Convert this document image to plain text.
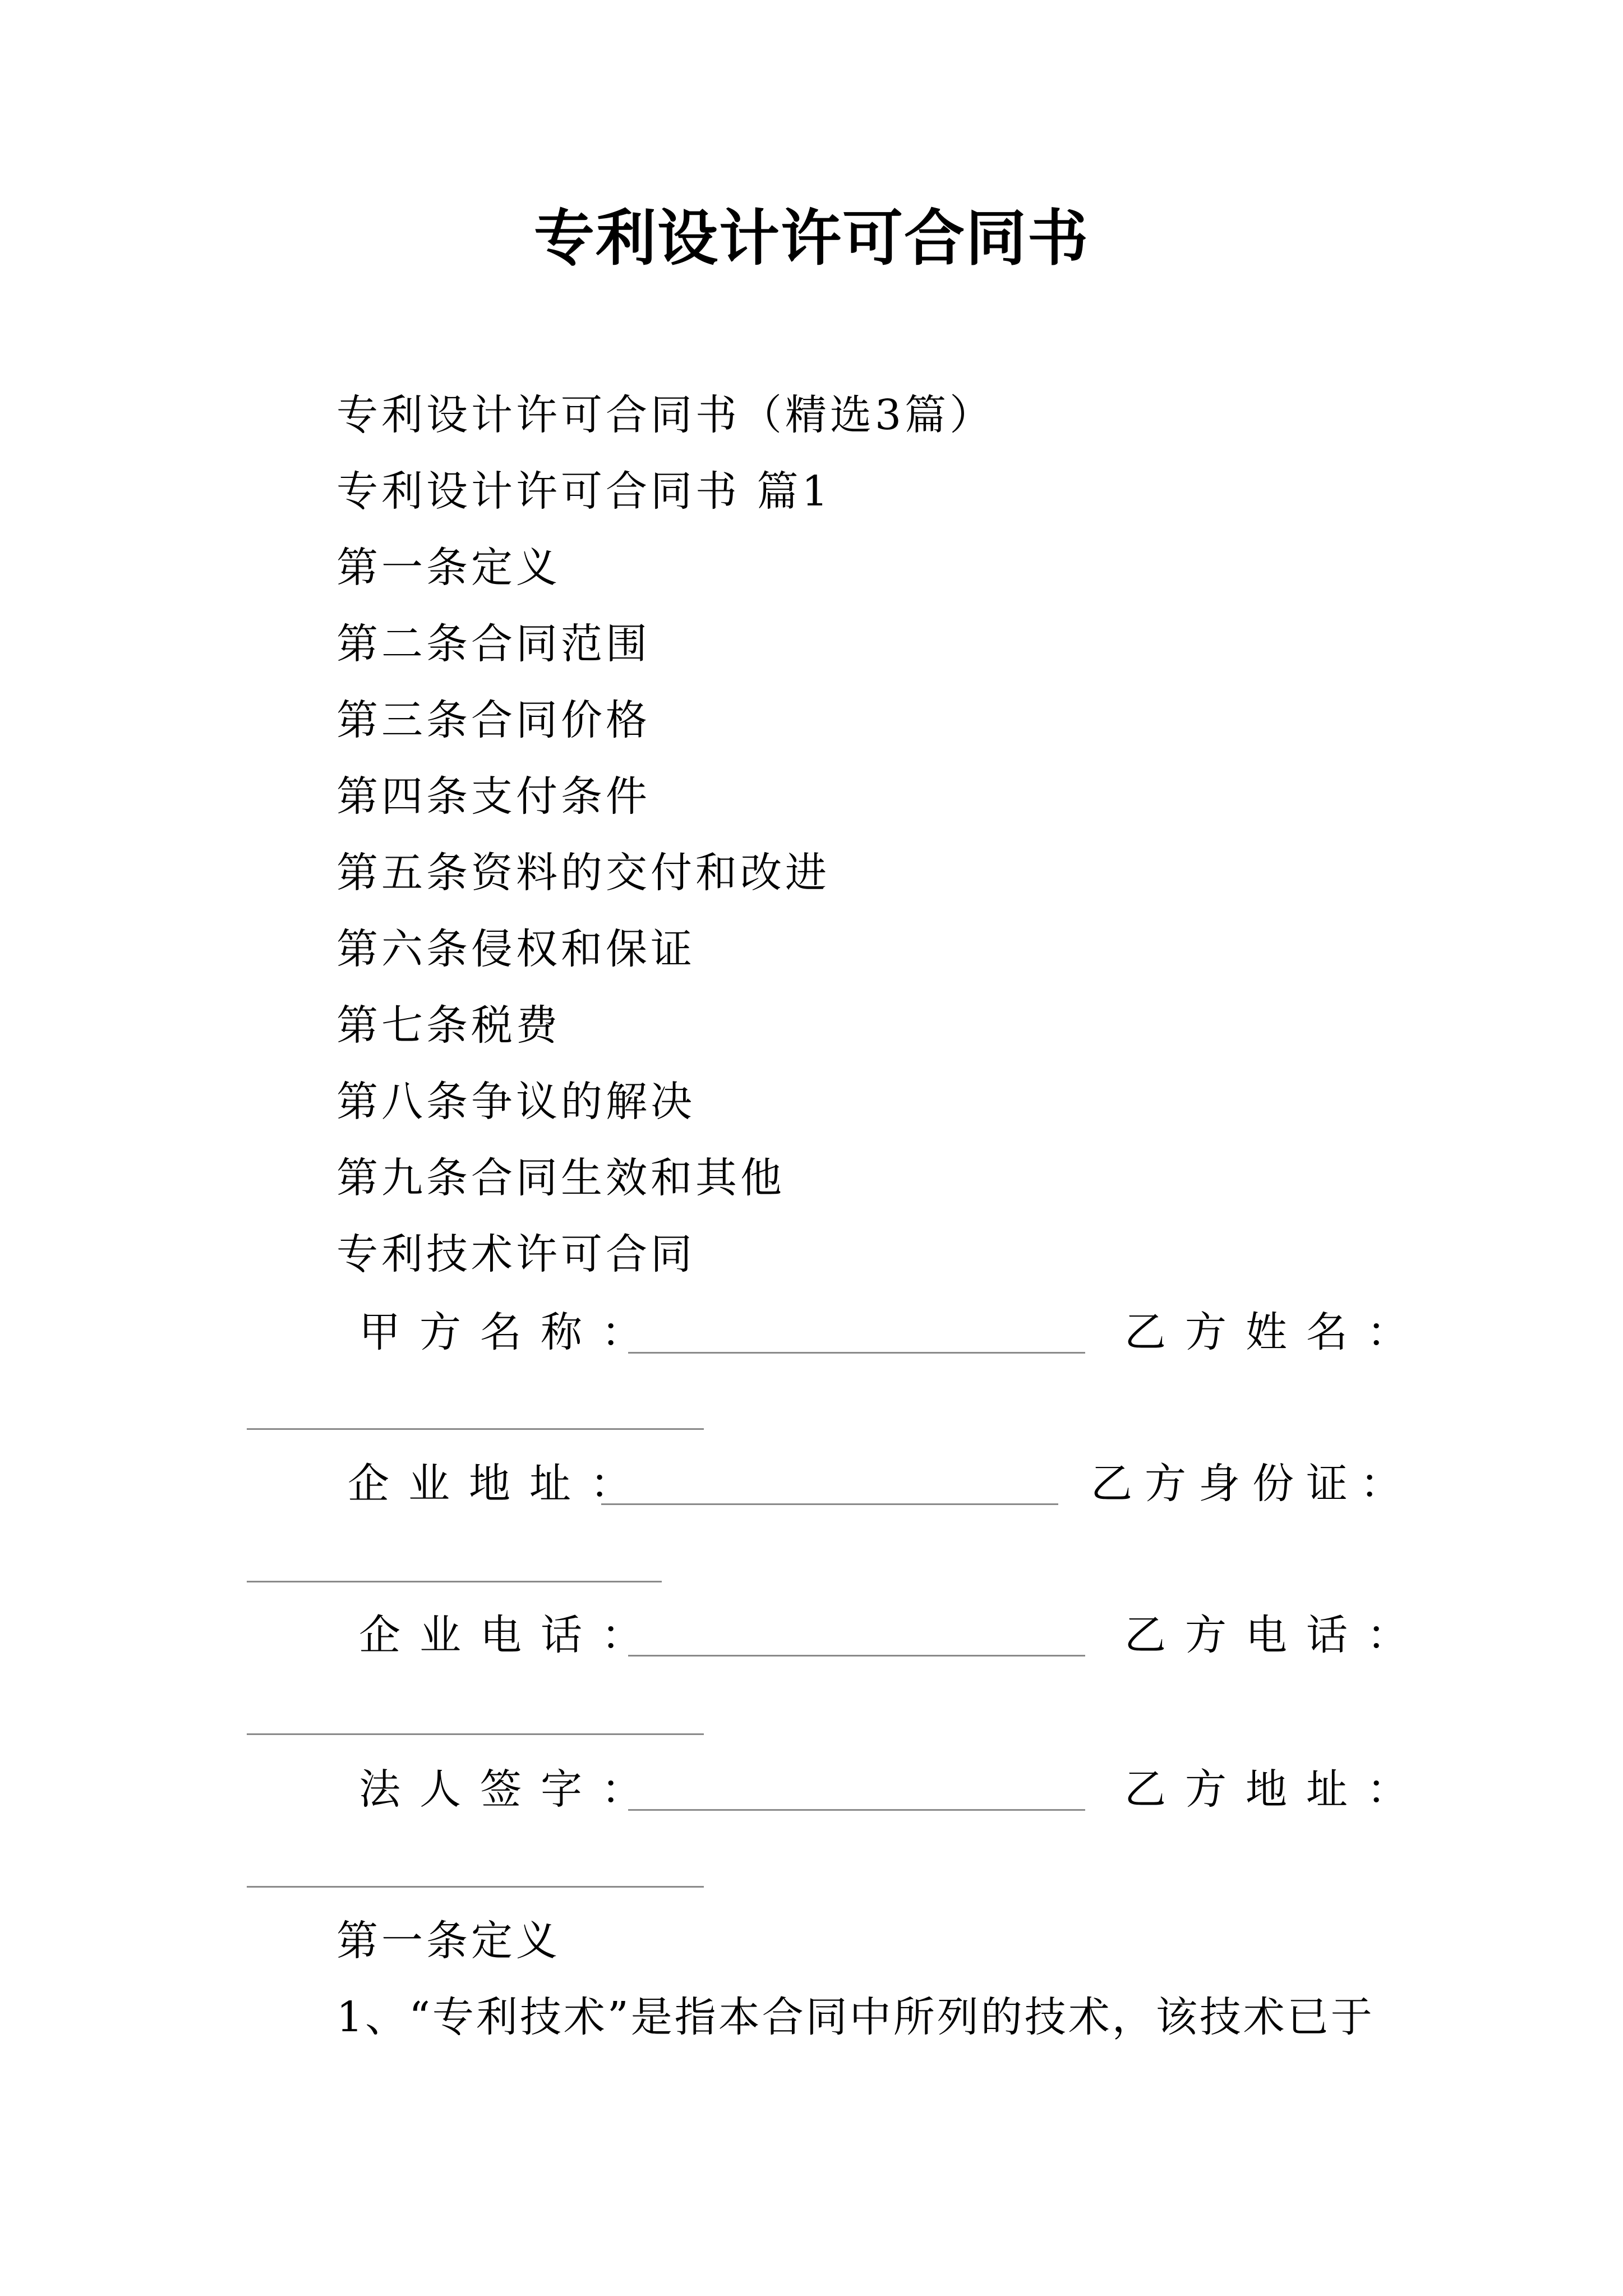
专利设计许可合同书
专利设计许可合同书（精选3篇）
专利设计许可合同书 篇1
第一条定义
第二条合同范围
第三条合同价格
第四条支付条件
第五条资料的交付和改进
第六条侵权和保证
第七条税费
第八条争议的解决
第九条合同生效和其他
专利技术许可合同
甲方名称：	乙方姓名：
企业地址：	乙方身份证：
企业电话：	乙方电话：
法人签字：	乙方地址：
第一条定义
1、“专利技术”是指本合同中所列的技术，该技术已于
